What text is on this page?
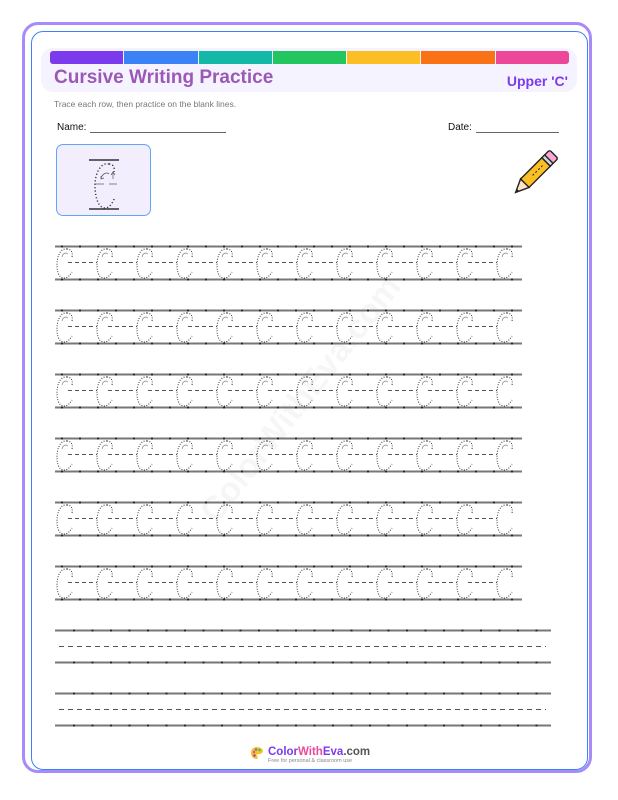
Cursive Writing Practice	Upper 'C'
Trace each row, then practice on the blank lines.
Name:	Date:
ColorWithEva.com
Free for personal & classroom use
